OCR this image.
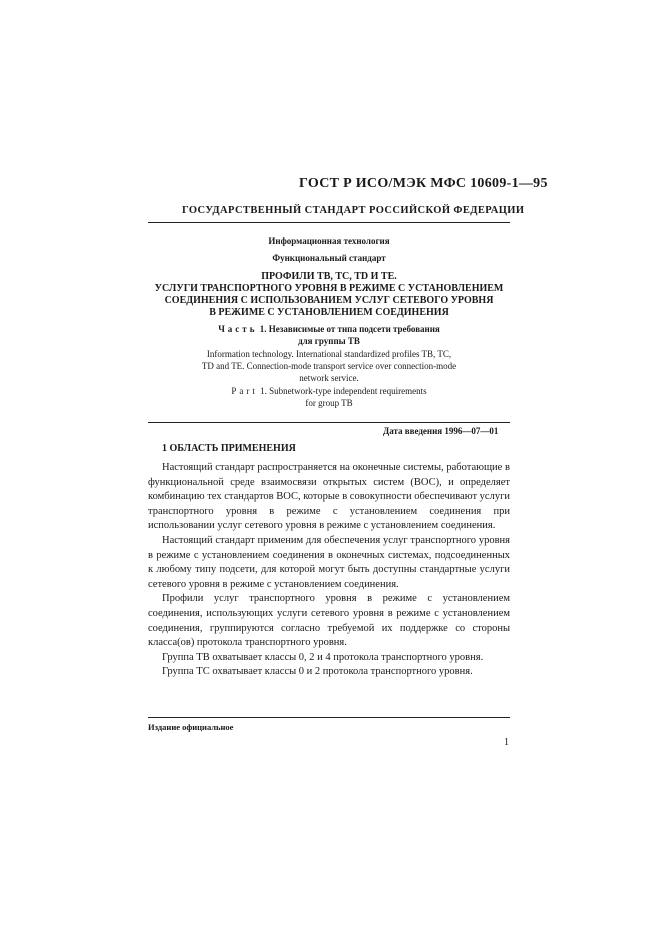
ГОСТ Р ИСО/МЭК МФС 10609-1—95
ГОСУДАРСТВЕННЫЙ СТАНДАРТ РОССИЙСКОЙ ФЕДЕРАЦИИ
Информационная технология
Функциональный стандарт
ПРОФИЛИ ТВ, ТС, TD И ТЕ.
УСЛУГИ ТРАНСПОРТНОГО УРОВНЯ В РЕЖИМЕ С УСТАНОВЛЕНИЕМ
СОЕДИНЕНИЯ С ИСПОЛЬЗОВАНИЕМ УСЛУГ СЕТЕВОГО УРОВНЯ
В РЕЖИМЕ С УСТАНОВЛЕНИЕМ СОЕДИНЕНИЯ
Часть 1. Независимые от типа подсети требования
для группы ТВ
Information technology. International standardized profiles TB, TC,
TD and TE. Connection-mode transport service over connection-mode
network service.
Part 1. Subnetwork-type independent requirements
for group TB
Дата введения 1996—07—01
1 ОБЛАСТЬ ПРИМЕНЕНИЯ

Настоящий стандарт распространяется на оконечные системы, работающие в функциональной среде взаимосвязи открытых систем (ВОС), и определяет комбинацию тех стандартов ВОС, которые в совокупности обеспечивают услуги транспортного уровня в режиме с установлением соединения при использовании услуг сетевого уровня в режиме с установлением соединения.

Настоящий стандарт применим для обеспечения услуг транспортного уровня в режиме с установлением соединения в оконечных системах, подсоединенных к любому типу подсети, для которой могут быть доступны стандартные услуги сетевого уровня в режиме с установлением соединения.

Профили услуг транспортного уровня в режиме с установлением соединения, использующих услуги сетевого уровня в режиме с установлением соединения, группируются согласно требуемой их поддержке со стороны класса(ов) протокола транспортного уровня.

Группа ТВ охватывает классы 0, 2 и 4 протокола транспортного уровня.

Группа ТС охватывает классы 0 и 2 протокола транспортного уровня.

Издание официальное
1
